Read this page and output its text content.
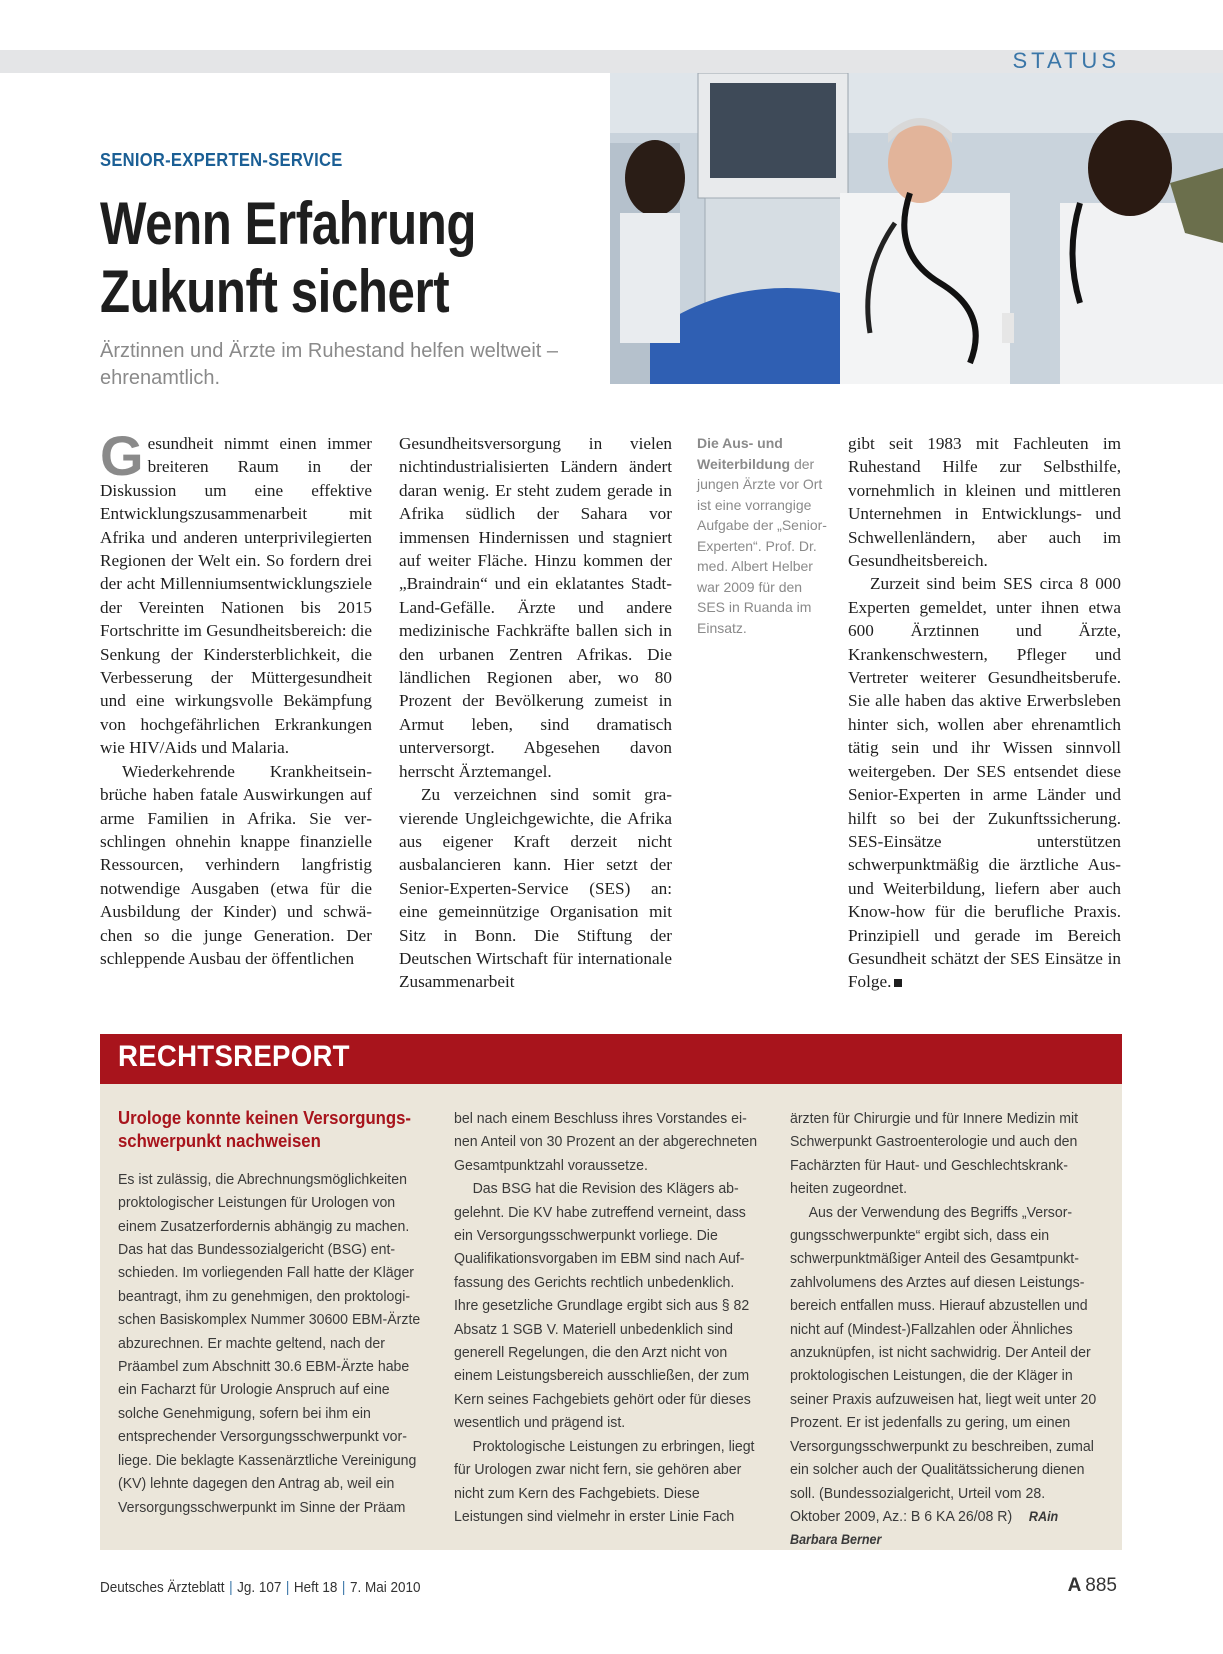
STATUS
SENIOR-EXPERTEN-SERVICE
Wenn Erfahrung
Zukunft sichert
Ärztinnen und Ärzte im Ruhestand helfen weltweit – ehrenamtlich.

Gesundheit nimmt einen immer breiteren Raum in der Diskussion um eine effektive Entwicklungszusammenarbeit mit Afrika und anderen unterprivilegierten Regionen der Welt ein. So fordern drei der acht Millenniumsentwicklungsziele der Vereinten Nationen bis 2015 Fortschritte im Gesundheitsbereich: die Senkung der Kindersterblichkeit, die Verbesserung der Müttergesundheit und eine wirkungsvolle Bekämpfung von hochgefährlichen Erkrankungen wie HIV/Aids und Malaria.

Wiederkehrende Krankheitseinbrüche haben fatale Auswirkungen auf arme Familien in Afrika. Sie verschlingen ohnehin knappe finanzielle Ressourcen, verhindern langfristig notwendige Ausgaben (etwa für die Ausbildung der Kinder) und schwächen so die junge Generation. Der schleppende Ausbau der öffentlichen

Gesundheitsversorgung in vielen nichtindustrialisierten Ländern ändert daran wenig. Er steht zudem gerade in Afrika südlich der Sahara vor immensen Hindernissen und stagniert auf weiter Fläche. Hinzu kommen der „Braindrain“ und ein eklatantes Stadt-Land-Gefälle. Ärzte und andere medizinische Fachkräfte ballen sich in den urbanen Zentren Afrikas. Die ländlichen Regionen aber, wo 80 Prozent der Bevölkerung zumeist in Armut leben, sind dramatisch unterversorgt. Abgesehen davon herrscht Ärztemangel.

Zu verzeichnen sind somit gravierende Ungleichgewichte, die Afrika aus eigener Kraft derzeit nicht ausbalancieren kann. Hier setzt der Senior-Experten-Service (SES) an: eine gemeinnützige Organisation mit Sitz in Bonn. Die Stiftung der Deutschen Wirtschaft für internationale Zusammenarbeit

Die Aus- und Weiterbildung der jungen Ärzte vor Ort ist eine vorrangige Aufgabe der „Senior-Experten“. Prof. Dr. med. Albert Helber war 2009 für den SES in Ruanda im Einsatz.

gibt seit 1983 mit Fachleuten im Ruhestand Hilfe zur Selbsthilfe, vornehmlich in kleinen und mittleren Unternehmen in Entwicklungs- und Schwellenländern, aber auch im Gesundheitsbereich.

Zurzeit sind beim SES circa 8 000 Experten gemeldet, unter ihnen etwa 600 Ärztinnen und Ärzte, Krankenschwestern, Pfleger und Vertreter weiterer Gesundheitsberufe. Sie alle haben das aktive Erwerbsleben hinter sich, wollen aber ehrenamtlich tätig sein und ihr Wissen sinnvoll weitergeben. Der SES entsendet diese Senior-Experten in arme Länder und hilft so bei der Zukunftssicherung. SES-Einsätze unterstützen schwerpunktmäßig die ärztliche Aus- und Weiterbildung, liefern aber auch Know-how für die berufliche Praxis. Prinzipiell und gerade im Bereich Gesundheit schätzt der SES Einsätze in Folge.

RECHTSREPORT
Urologe konnte keinen Versorgungsschwerpunkt nachweisen

Es ist zulässig, die Abrechnungsmöglichkeiten proktologischer Leistungen für Urologen von einem Zusatzerfordernis abhängig zu machen. Das hat das Bundessozialgericht (BSG) entschieden. Im vorliegenden Fall hatte der Kläger beantragt, ihm zu genehmigen, den proktologischen Basiskomplex Nummer 30600 EBM-Ärzte abzurechnen. Er machte geltend, nach der Präambel zum Abschnitt 30.6 EBM-Ärzte habe ein Facharzt für Urologie Anspruch auf eine solche Genehmigung, sofern bei ihm ein entsprechender Versorgungsschwerpunkt vorliege. Die beklagte Kassenärztliche Vereinigung (KV) lehnte dagegen den Antrag ab, weil ein Versorgungsschwerpunkt im Sinne der Präam

bel nach einem Beschluss ihres Vorstandes einen Anteil von 30 Prozent an der abgerechneten Gesamtpunktzahl voraussetze.

Das BSG hat die Revision des Klägers abgelehnt. Die KV habe zutreffend verneint, dass ein Versorgungsschwerpunkt vorliege. Die Qualifikationsvorgaben im EBM sind nach Auffassung des Gerichts rechtlich unbedenklich. Ihre gesetzliche Grundlage ergibt sich aus § 82 Absatz 1 SGB V. Materiell unbedenklich sind generell Regelungen, die den Arzt nicht von einem Leistungsbereich ausschließen, der zum Kern seines Fachgebiets gehört oder für dieses wesentlich und prägend ist.

Proktologische Leistungen zu erbringen, liegt für Urologen zwar nicht fern, sie gehören aber nicht zum Kern des Fachgebiets. Diese Leistungen sind vielmehr in erster Linie Fach

ärzten für Chirurgie und für Innere Medizin mit Schwerpunkt Gastroenterologie und auch den Fachärzten für Haut- und Geschlechtskrankheiten zugeordnet.

Aus der Verwendung des Begriffs „Versorgungsschwerpunkte“ ergibt sich, dass ein schwerpunktmäßiger Anteil des Gesamtpunktzahlvolumens des Arztes auf diesen Leistungsbereich entfallen muss. Hierauf abzustellen und nicht auf (Mindest-)Fallzahlen oder Ähnliches anzuknüpfen, ist nicht sachwidrig. Der Anteil der proktologischen Leistungen, die der Kläger in seiner Praxis aufzuweisen hat, liegt weit unter 20 Prozent. Er ist jedenfalls zu gering, um einen Versorgungsschwerpunkt zu beschreiben, zumal ein solcher auch der Qualitätssicherung dienen soll. (Bundessozialgericht, Urteil vom 28. Oktober 2009, Az.: B 6 KA 26/08 R) RAin Barbara Berner

Deutsches Ärzteblatt | Jg. 107 | Heft 18 | 7. Mai 2010	A 885
